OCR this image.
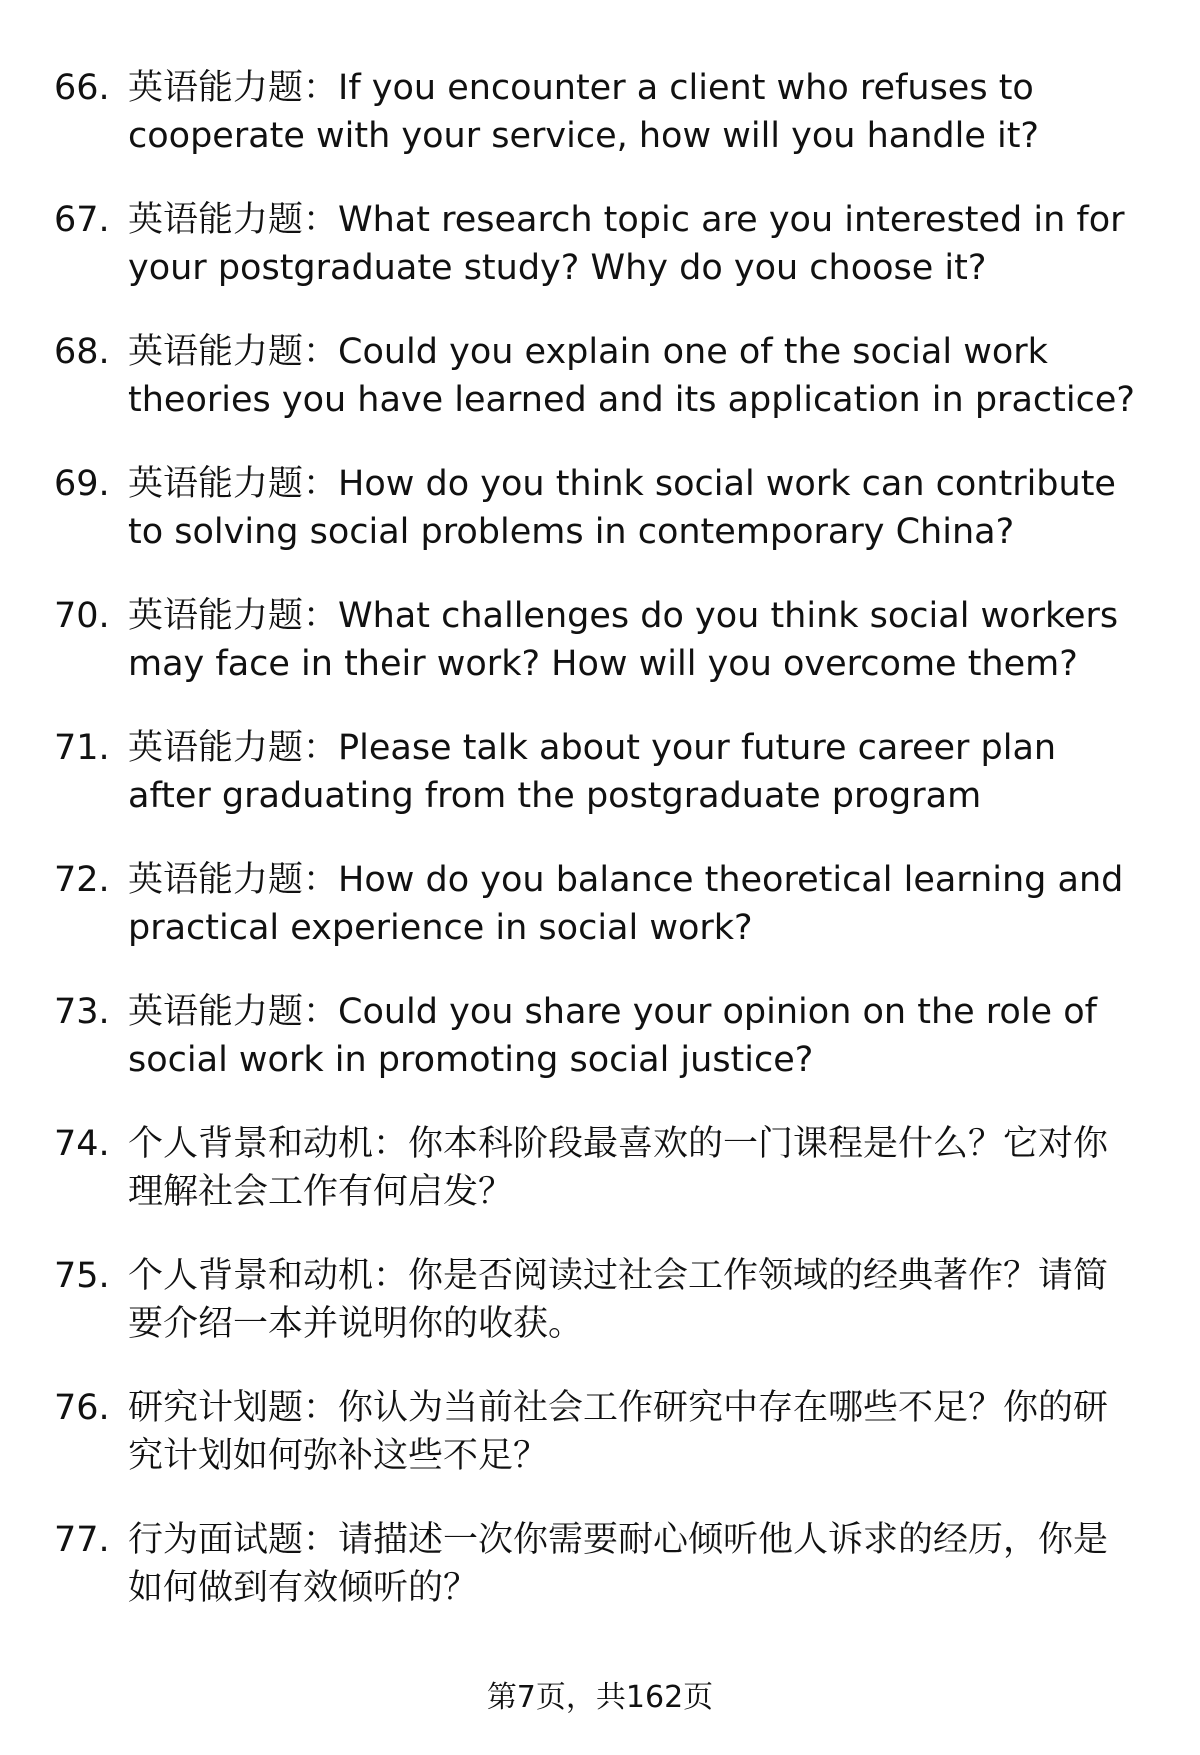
66. 英语能力题：If you encounter a client who refuses to cooperate with your service, how will you handle it?
67. 英语能力题：What research topic are you interested in for your postgraduate study? Why do you choose it?
68. 英语能力题：Could you explain one of the social work theories you have learned and its application in practice?
69. 英语能力题：How do you think social work can contribute to solving social problems in contemporary China?
70. 英语能力题：What challenges do you think social workers may face in their work? How will you overcome them?
71. 英语能力题：Please talk about your future career plan after graduating from the postgraduate program
72. 英语能力题：How do you balance theoretical learning and practical experience in social work?
73. 英语能力题：Could you share your opinion on the role of social work in promoting social justice?
74. 个人背景和动机：你本科阶段最喜欢的一门课程是什么？它对你理解社会工作有何启发？
75. 个人背景和动机：你是否阅读过社会工作领域的经典著作？请简要介绍一本并说明你的收获。
76. 研究计划题：你认为当前社会工作研究中存在哪些不足？你的研究计划如何弥补这些不足？
77. 行为面试题：请描述一次你需要耐心倾听他人诉求的经历，你是如何做到有效倾听的？
第7页，共162页
